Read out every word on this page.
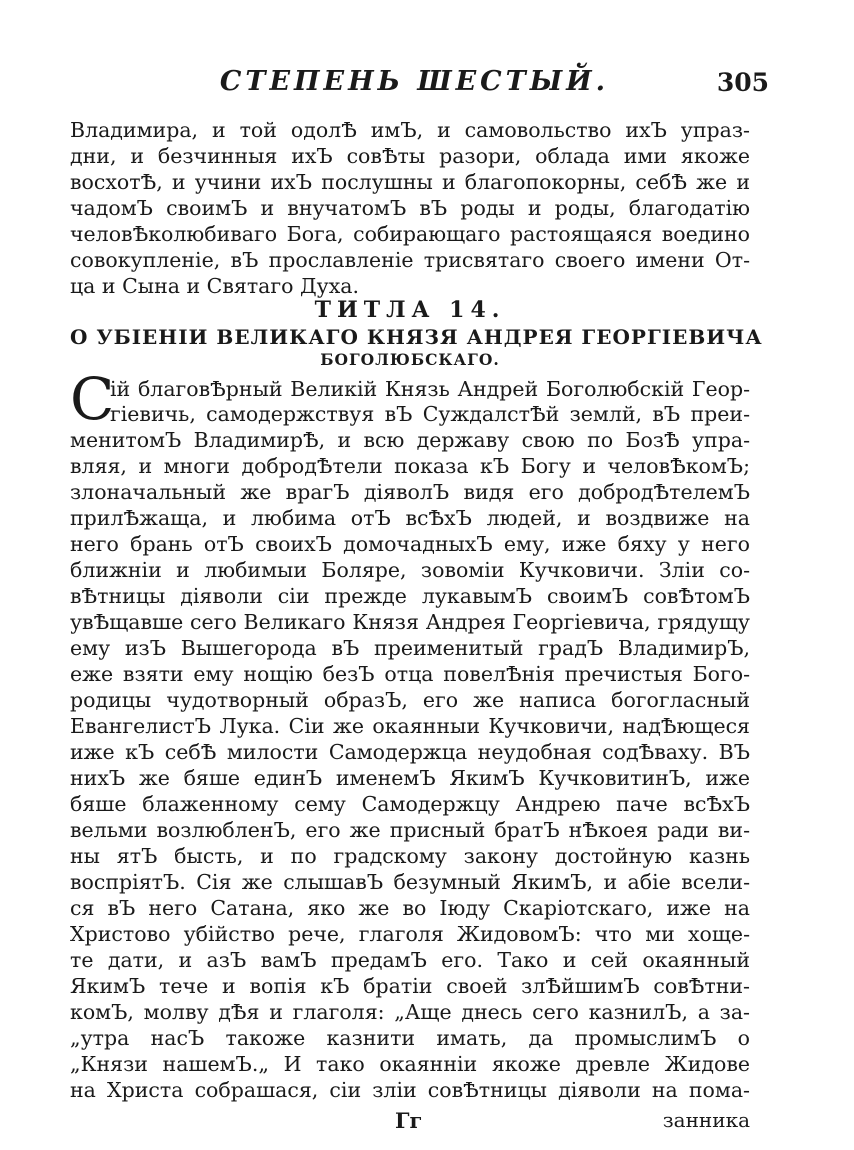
СТЕПЕНЬ ШЕСТЫЙ.	305
Владимира, и той одолѢ имЪ, и самовольство ихЪ упраз-
дни, и безчинныя ихЪ совѢты разори, облада ими якоже
восхотѢ, и учини ихЪ послушны и благопокорны, себѢ же и
чадомЪ своимЪ и внучатомЪ вЪ роды и роды, благодатію
человѢколюбиваго Бога, собирающаго растоящаяся воедино
совокупленіе, вЪ прославленіе трисвятаго своего имени От-
ца и Сына и Святаго Духа.
ТИТЛА 14.
О УБІЕНІИ ВЕЛИКАГО КНЯЗЯ АНДРЕЯ ГЕОРГІЕВИЧА
БОГОЛЮБСКАГО.
С
ій благовѢрный Великій Князь Андрей Боголюбскій Геор-
гіевичь, самодержствуя вЪ СуждалстѢй землй, вЪ преи-
менитомЪ ВладимирѢ, и всю державу свою по БозѢ упра-
вляя, и многи добродѢтели показа кЪ Богу и человѢкомЪ;
злоначальный же врагЪ діяволЪ видя его добродѢтелемЪ
прилѢжаща, и любима отЪ всѢхЪ людей, и воздвиже на
него брань отЪ своихЪ домочадныхЪ ему, иже бяху у него
ближніи и любимыи Боляре, зовоміи Кучковичи. Зліи со-
вѢтницы діяволи сіи прежде лукавымЪ своимЪ совѢтомЪ
увѢщавше сего Великаго Князя Андрея Георгіевича, грядущу
ему изЪ Вышегорода вЪ преименитый градЪ ВладимирЪ,
еже взяти ему нощію безЪ отца повелѢнія пречистыя Бого-
родицы чудотворный образЪ, его же написа богогласный
ЕвангелистЪ Лука. Сіи же окаянныи Кучковичи, надѢющеся
иже кЪ себѢ милости Самодержца неудобная содѢваху. ВЪ
нихЪ же бяше единЪ именемЪ ЯкимЪ КучковитинЪ, иже
бяше блаженному сему Самодержцу Андрею паче всѢхЪ
вельми возлюбленЪ, его же присный братЪ нѢкоея ради ви-
ны ятЪ бысть, и по градскому закону достойную казнь
воспріятЪ. Сія же слышавЪ безумный ЯкимЪ, и абіе всели-
ся вЪ него Сатана, яко же во Іюду Скаріотскаго, иже на
Христово убійство рече, глаголя ЖидовомЪ: что ми хоще-
те дати, и азЪ вамЪ предамЪ его. Тако и сей окаянный
ЯкимЪ тече и вопія кЪ братіи своей злѢйшимЪ совѢтни-
комЪ, молву дѢя и глаголя: „Аще днесь сего казнилЪ, а за-
„утра насЪ такоже казнити имать, да промыслимЪ о
„Князи нашемЪ.„ И тако окаянніи якоже древле Жидове
на Христа собрашася, сіи зліи совѢтницы діяволи на пома-
Гг	занника
